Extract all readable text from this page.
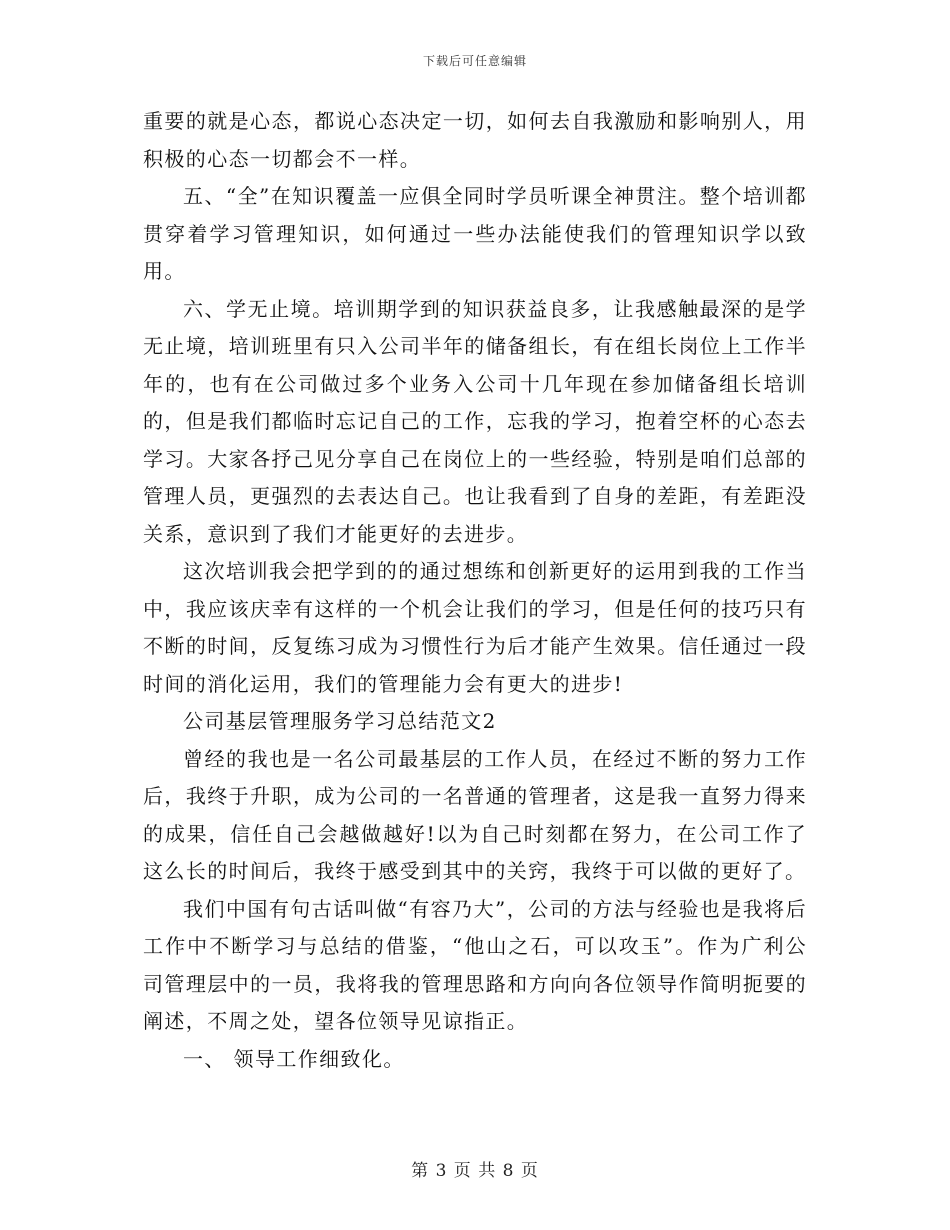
下载后可任意编辑

重要的就是心态，都说心态决定一切，如何去自我激励和影响别人，用积极的心态一切都会不一样。

五、“全”在知识覆盖一应俱全同时学员听课全神贯注。整个培训都贯穿着学习管理知识，如何通过一些办法能使我们的管理知识学以致用。

六、学无止境。培训期学到的知识获益良多，让我感触最深的是学无止境，培训班里有只入公司半年的储备组长，有在组长岗位上工作半年的，也有在公司做过多个业务入公司十几年现在参加储备组长培训的，但是我们都临时忘记自己的工作，忘我的学习，抱着空杯的心态去学习。大家各抒己见分享自己在岗位上的一些经验，特别是咱们总部的管理人员，更强烈的去表达自己。也让我看到了自身的差距，有差距没关系，意识到了我们才能更好的去进步。

这次培训我会把学到的的通过想练和创新更好的运用到我的工作当中，我应该庆幸有这样的一个机会让我们的学习，但是任何的技巧只有不断的时间，反复练习成为习惯性行为后才能产生效果。信任通过一段时间的消化运用，我们的管理能力会有更大的进步!

公司基层管理服务学习总结范文2

曾经的我也是一名公司最基层的工作人员，在经过不断的努力工作后，我终于升职，成为公司的一名普通的管理者，这是我一直努力得来的成果，信任自己会越做越好!以为自己时刻都在努力，在公司工作了这么长的时间后，我终于感受到其中的关窍，我终于可以做的更好了。

我们中国有句古话叫做“有容乃大”，公司的方法与经验也是我将后工作中不断学习与总结的借鉴，“他山之石，可以攻玉”。作为广利公司管理层中的一员，我将我的管理思路和方向向各位领导作简明扼要的阐述，不周之处，望各位领导见谅指正。

一、 领导工作细致化。

第 3 页 共 8 页
